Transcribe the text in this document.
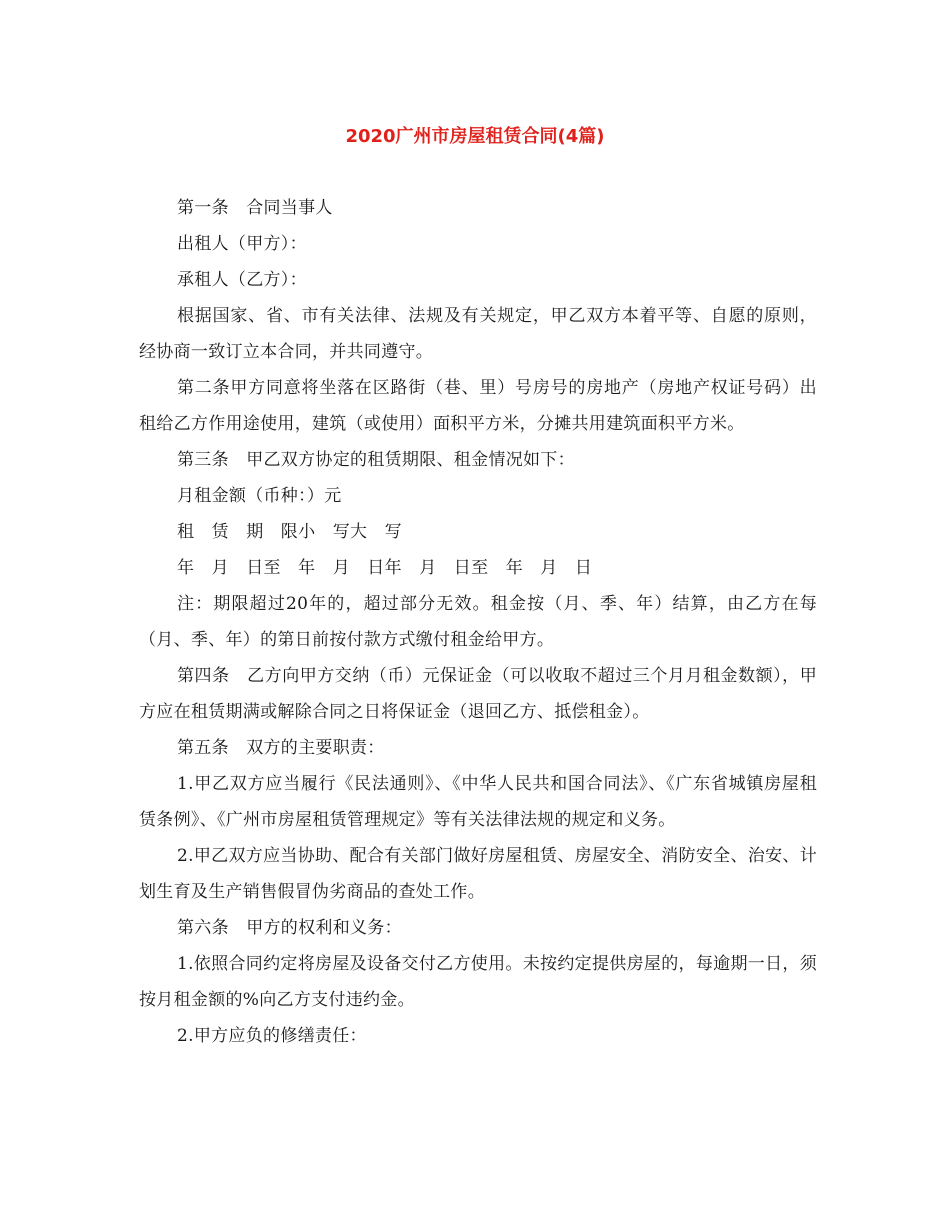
2020广州市房屋租赁合同(4篇)

第一条　合同当事人

出租人（甲方）：

承租人（乙方）：

根据国家、省、市有关法律、法规及有关规定，甲乙双方本着平等、自愿的原则，经协商一致订立本合同，并共同遵守。

第二条甲方同意将坐落在区路街（巷、里）号房号的房地产（房地产权证号码）出租给乙方作用途使用，建筑（或使用）面积平方米，分摊共用建筑面积平方米。

第三条　甲乙双方协定的租赁期限、租金情况如下：

月租金额（币种：）元

租　赁　期　限小　写大　写

年　月　日至　年　月　日年　月　日至　年　月　日

注：期限超过20年的，超过部分无效。租金按（月、季、年）结算，由乙方在每（月、季、年）的第日前按付款方式缴付租金给甲方。

第四条　乙方向甲方交纳（币）元保证金（可以收取不超过三个月月租金数额），甲方应在租赁期满或解除合同之日将保证金（退回乙方、抵偿租金）。

第五条　双方的主要职责：

1.甲乙双方应当履行《民法通则》、《中华人民共和国合同法》、《广东省城镇房屋租赁条例》、《广州市房屋租赁管理规定》等有关法律法规的规定和义务。

2.甲乙双方应当协助、配合有关部门做好房屋租赁、房屋安全、消防安全、治安、计划生育及生产销售假冒伪劣商品的查处工作。

第六条　甲方的权利和义务：

1.依照合同约定将房屋及设备交付乙方使用。未按约定提供房屋的，每逾期一日，须按月租金额的%向乙方支付违约金。

2.甲方应负的修缮责任：
